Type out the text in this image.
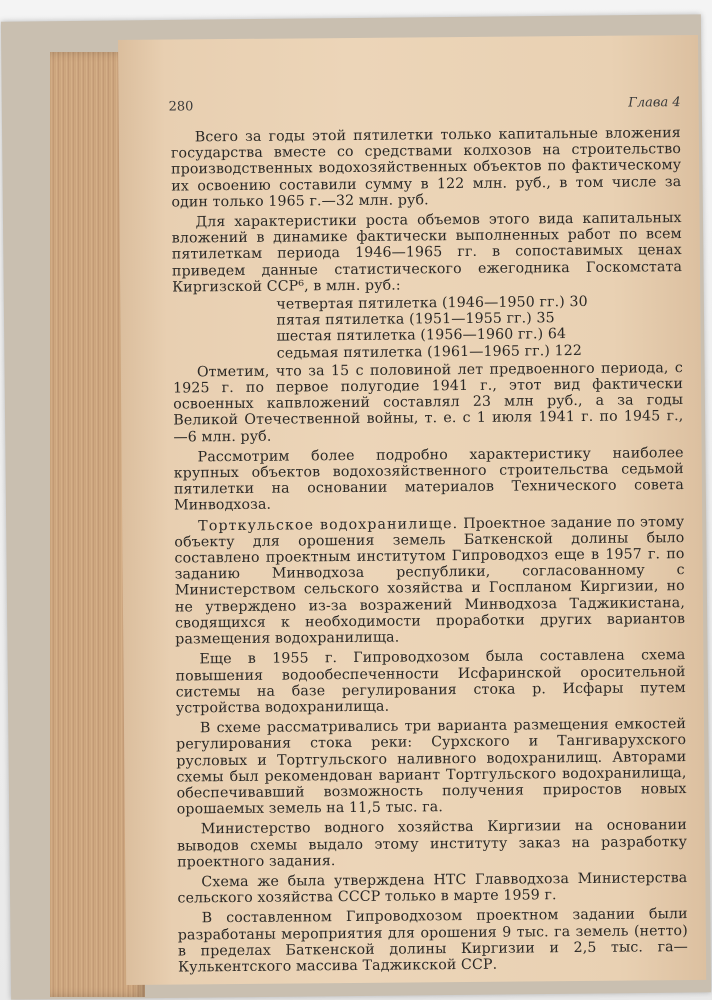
280	Глава 4

Всего за годы этой пятилетки только капитальные вложения государства вместе со средствами колхозов на строительство производственных водохозяйственных объектов по фактическому их освоению составили сумму в 122 млн. руб., в том числе за один только 1965 г.—32 млн. руб.

Для характеристики роста объемов этого вида капитальных вложений в динамике фактически выполненных работ по всем пятилеткам периода 1946—1965 гг. в сопоставимых ценах приведем данные статистического ежегодника Госкомстата Киргизской ССР⁶, в млн. руб.:

четвертая пятилетка (1946—1950 гг.) 30
пятая пятилетка (1951—1955 гг.) 35
шестая пятилетка (1956—1960 гг.) 64
седьмая пятилетка (1961—1965 гг.) 122

Отметим, что за 15 с половиной лет предвоенного периода, с 1925 г. по первое полугодие 1941 г., этот вид фактически освоенных капвложений составлял 23 млн руб., а за годы Великой Отечественной войны, т. е. с 1 июля 1941 г. по 1945 г., —6 млн. руб.

Рассмотрим более подробно характеристику наиболее крупных объектов водохозяйственного строительства седьмой пятилетки на основании материалов Технического совета Минводхоза.

Торткульское водохранилище. Проектное задание по этому объекту для орошения земель Баткенской долины было составлено проектным институтом Гипроводхоз еще в 1957 г. по заданию Минводхоза республики, согласованному с Министерством сельского хозяйства и Госпланом Киргизии, но не утверждено из-за возражений Минводхоза Таджикистана, сводящихся к необходимости проработки других вариантов размещения водохранилища.

Еще в 1955 г. Гипроводхозом была составлена схема повышения водообеспеченности Исфаринской оросительной системы на базе регулирования стока р. Исфары путем устройства водохранилища.

В схеме рассматривались три варианта размещения емкостей регулирования стока реки: Сурхского и Тангиварухского русловых и Тортгульского наливного водохранилищ. Авторами схемы был рекомендован вариант Тортгульского водохранилища, обеспечивавший возможность получения приростов новых орошаемых земель на 11,5 тыс. га.

Министерство водного хозяйства Киргизии на основании выводов схемы выдало этому институту заказ на разработку проектного задания.

Схема же была утверждена НТС Главводхоза Министерства сельского хозяйства СССР только в марте 1959 г.

В составленном Гипроводхозом проектном задании были разработаны мероприятия для орошения 9 тыс. га земель (нетто) в пределах Баткенской долины Киргизии и 2,5 тыс. га— Кулькентского массива Таджикской ССР.
